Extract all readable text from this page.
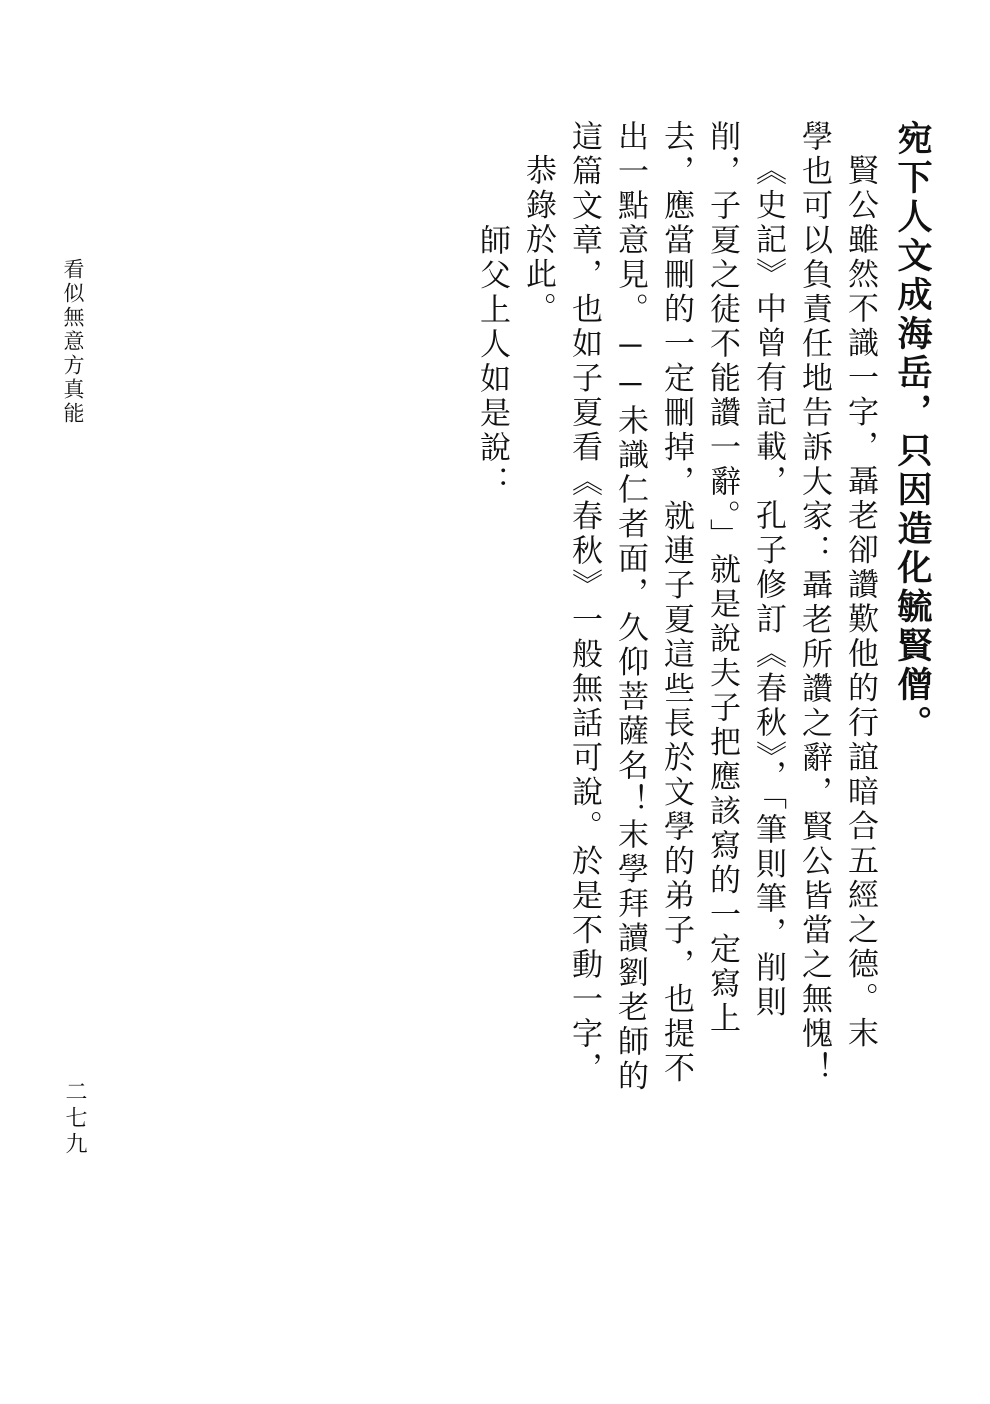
看似無意方真能
二七九
宛下人文成海岳，只因造化毓賢僧。
賢公雖然不識一字，聶老卻讚歎他的行誼暗合五經之德。末
學也可以負責任地告訴大家：聶老所讚之辭，賢公皆當之無愧！
《史記》中曾有記載，孔子修訂《春秋》，「筆則筆，削則
削，子夏之徒不能讚一辭。」就是說夫子把應該寫的一定寫上
去，應當刪的一定刪掉，就連子夏這些長於文學的弟子，也提不
出一點意見。──未識仁者面，久仰菩薩名！末學拜讀劉老師的
這篇文章，也如子夏看《春秋》一般無話可說。於是不動一字，
恭錄於此。
師父上人如是說：
